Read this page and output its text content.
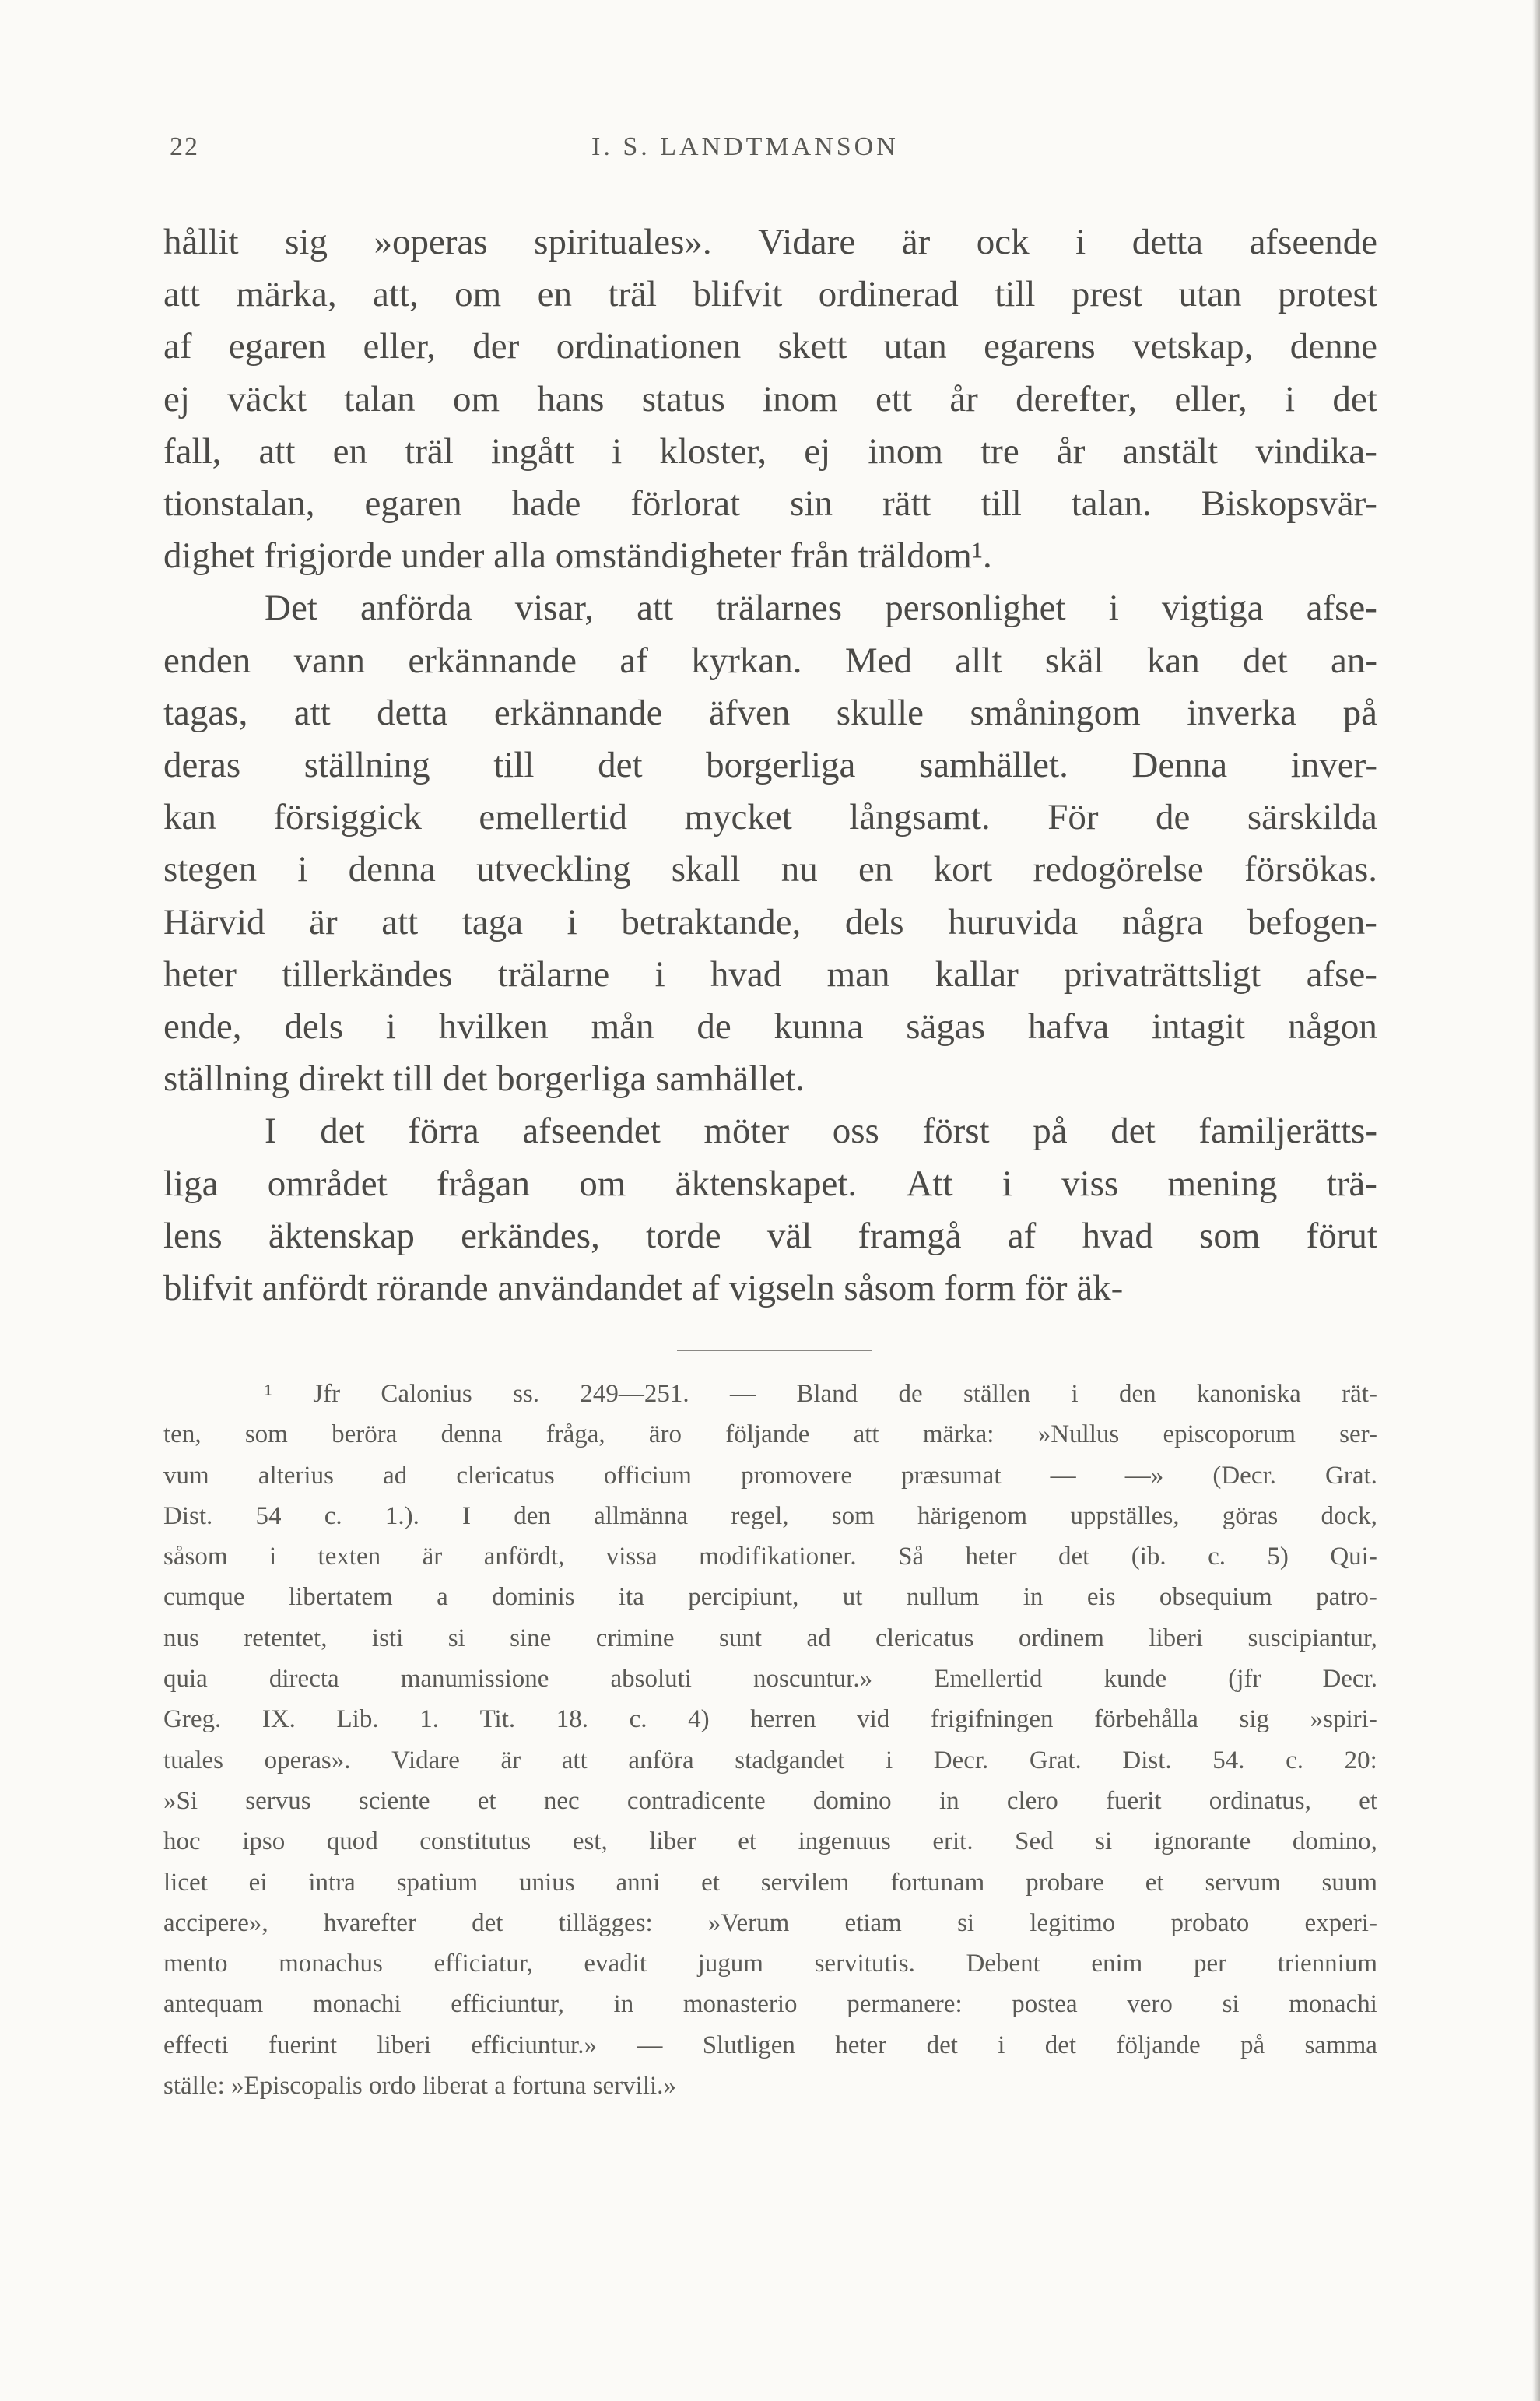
22	I. S. LANDTMANSON
hållit sig »operas spirituales». Vidare är ock i detta afseende
att märka, att, om en träl blifvit ordinerad till prest utan protest
af egaren eller, der ordinationen skett utan egarens vetskap, denne
ej väckt talan om hans status inom ett år derefter, eller, i det
fall, att en träl ingått i kloster, ej inom tre år anstält vindika-
tionstalan, egaren hade förlorat sin rätt till talan. Biskopsvär-
dighet frigjorde under alla omständigheter från träldom¹.
Det anförda visar, att trälarnes personlighet i vigtiga afse-
enden vann erkännande af kyrkan. Med allt skäl kan det an-
tagas, att detta erkännande äfven skulle småningom inverka på
deras ställning till det borgerliga samhället. Denna inver-
kan försiggick emellertid mycket långsamt. För de särskilda
stegen i denna utveckling skall nu en kort redogörelse försökas.
Härvid är att taga i betraktande, dels huruvida några befogen-
heter tillerkändes trälarne i hvad man kallar privaträttsligt afse-
ende, dels i hvilken mån de kunna sägas hafva intagit någon
ställning direkt till det borgerliga samhället.
I det förra afseendet möter oss först på det familjerätts-
liga området frågan om äktenskapet. Att i viss mening trä-
lens äktenskap erkändes, torde väl framgå af hvad som förut
blifvit anfördt rörande användandet af vigseln såsom form för äk-
¹ Jfr Calonius ss. 249—251. — Bland de ställen i den kanoniska rät-
ten, som beröra denna fråga, äro följande att märka: »Nullus episcoporum ser-
vum alterius ad clericatus officium promovere præsumat — —» (Decr. Grat.
Dist. 54 c. 1.). I den allmänna regel, som härigenom uppställes, göras dock,
såsom i texten är anfördt, vissa modifikationer. Så heter det (ib. c. 5) Qui-
cumque libertatem a dominis ita percipiunt, ut nullum in eis obsequium patro-
nus retentet, isti si sine crimine sunt ad clericatus ordinem liberi suscipiantur,
quia directa manumissione absoluti noscuntur.» Emellertid kunde (jfr Decr.
Greg. IX. Lib. 1. Tit. 18. c. 4) herren vid frigifningen förbehålla sig »spiri-
tuales operas». Vidare är att anföra stadgandet i Decr. Grat. Dist. 54. c. 20:
»Si servus sciente et nec contradicente domino in clero fuerit ordinatus, et
hoc ipso quod constitutus est, liber et ingenuus erit. Sed si ignorante domino,
licet ei intra spatium unius anni et servilem fortunam probare et servum suum
accipere», hvarefter det tillägges: »Verum etiam si legitimo probato experi-
mento monachus efficiatur, evadit jugum servitutis. Debent enim per triennium
antequam monachi efficiuntur, in monasterio permanere: postea vero si monachi
effecti fuerint liberi efficiuntur.» — Slutligen heter det i det följande på samma
ställe: »Episcopalis ordo liberat a fortuna servili.»
